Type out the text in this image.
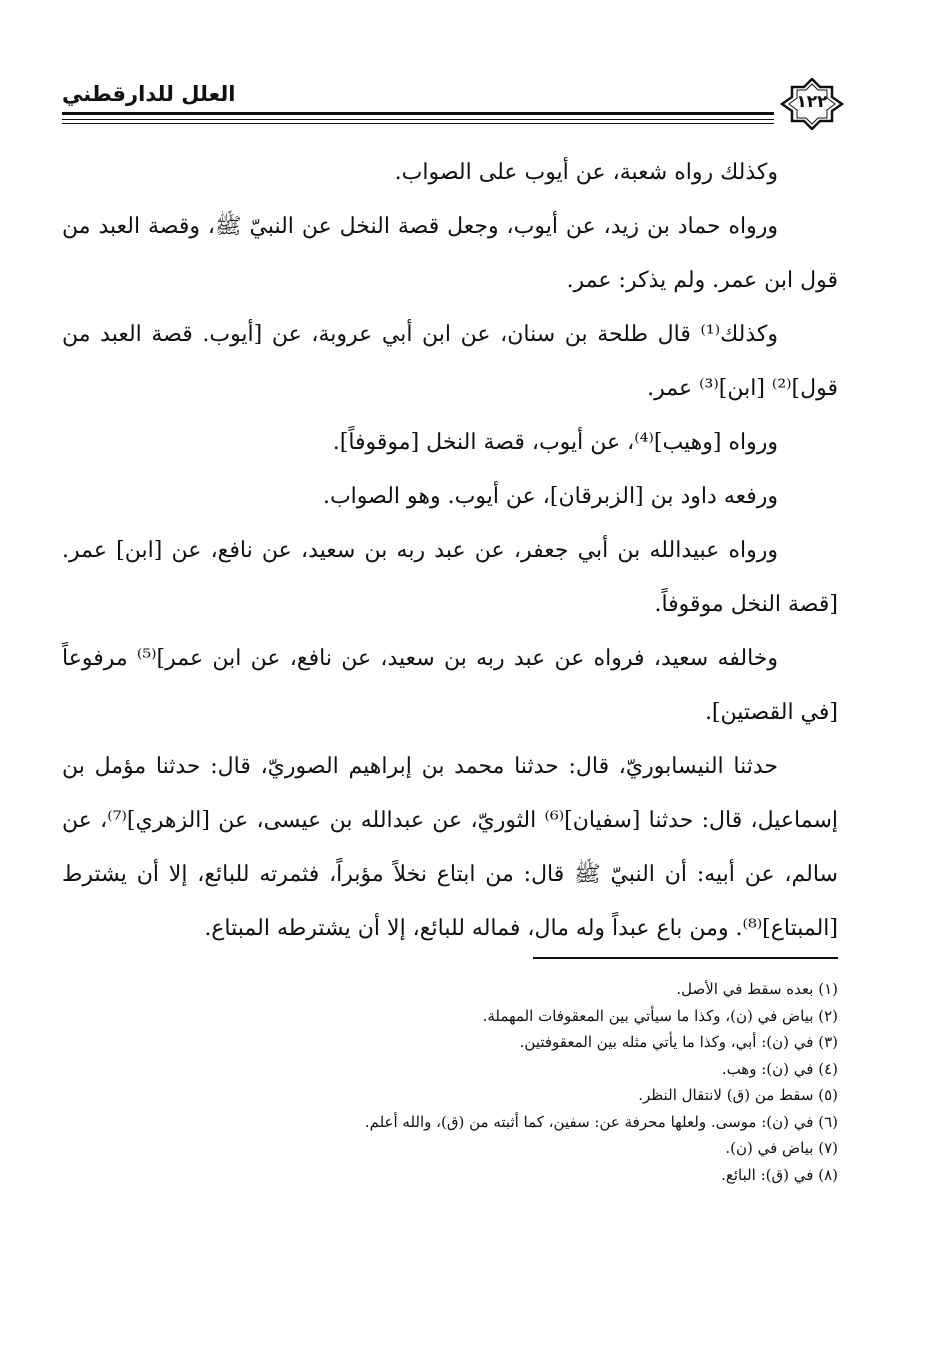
العلل للدارقطني	١٢٢

وكذلك رواه شعبة، عن أيوب على الصواب.

ورواه حماد بن زيد، عن أيوب، وجعل قصة النخل عن النبيّ ﷺ، وقصة العبد من قول ابن عمر. ولم يذكر: عمر.

وكذلك⁽¹⁾ قال طلحة بن سنان، عن ابن أبي عروبة، عن [أيوب. قصة العبد من قول]⁽²⁾ [ابن]⁽³⁾ عمر.

ورواه [وهيب]⁽⁴⁾، عن أيوب، قصة النخل [موقوفاً].

ورفعه داود بن [الزبرقان]، عن أيوب. وهو الصواب.

ورواه عبيدالله بن أبي جعفر، عن عبد ربه بن سعيد، عن نافع، عن [ابن] عمر. [قصة النخل موقوفاً.

وخالفه سعيد، فرواه عن عبد ربه بن سعيد، عن نافع، عن ابن عمر]⁽⁵⁾ مرفوعاً [في القصتين].

حدثنا النيسابوريّ، قال: حدثنا محمد بن إبراهيم الصوريّ، قال: حدثنا مؤمل بن إسماعيل، قال: حدثنا [سفيان]⁽⁶⁾ الثوريّ، عن عبدالله بن عيسى، عن [الزهري]⁽⁷⁾، عن سالم، عن أبيه: أن النبيّ ﷺ قال: من ابتاع نخلاً مؤبراً، فثمرته للبائع، إلا أن يشترط [المبتاع]⁽⁸⁾. ومن باع عبداً وله مال، فماله للبائع، إلا أن يشترطه المبتاع.

(١) بعده سقط في الأصل.
(٢) بياض في (ن)، وكذا ما سيأتي بين المعقوفات المهملة.
(٣) في (ن): أبي، وكذا ما يأتي مثله بين المعقوفتين.
(٤) في (ن): وهب.
(٥) سقط من (ق) لانتقال النظر.
(٦) في (ن): موسى. ولعلها محرفة عن: سفين، كما أثبته من (ق)، والله أعلم.
(٧) بياض في (ن).
(٨) في (ق): البائع.
